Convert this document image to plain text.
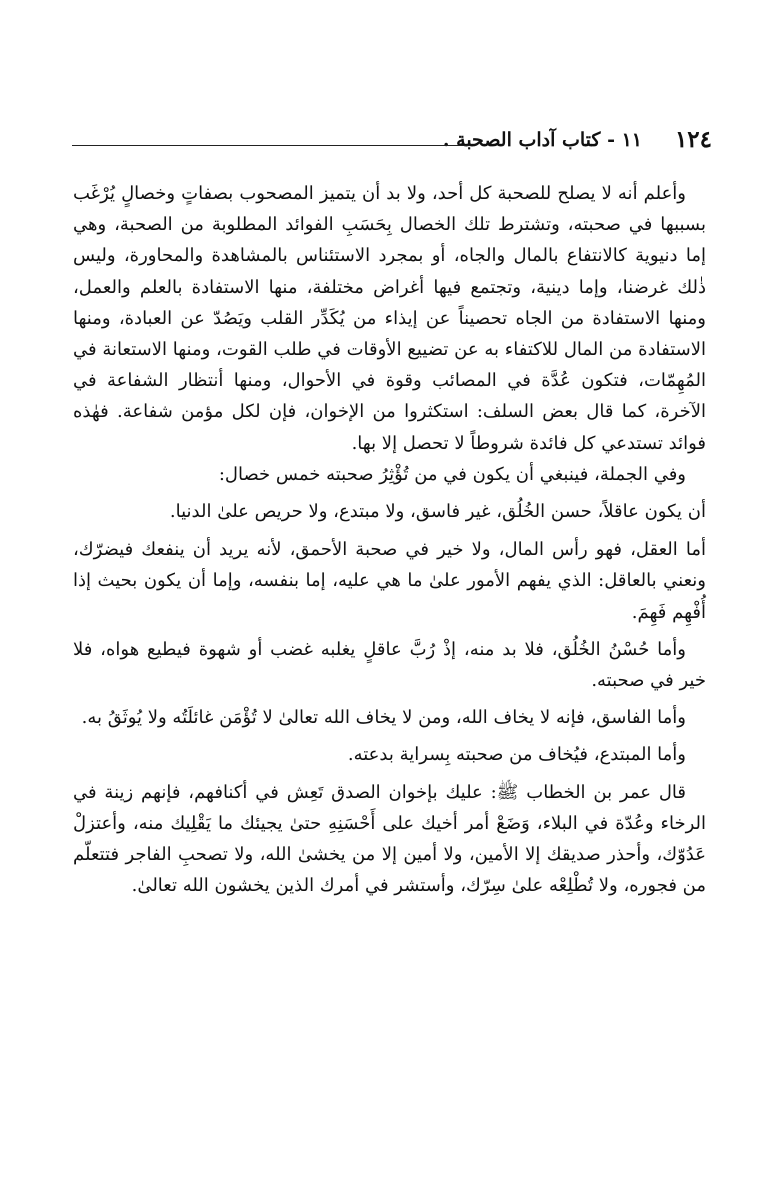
١٢٤
١١ - كتاب آداب الصحبة .

وأعلم أنه لا يصلح للصحبة كل أحد، ولا بد أن يتميز المصحوب بصفاتٍ وخصالٍ يُرْغَب بسببها في صحبته، وتشترط تلك الخصال بِحَسَبِ الفوائد المطلوبة من الصحبة، وهي إما دنيوية كالانتفاع بالمال والجاه، أو بمجرد الاستئناس بالمشاهدة والمحاورة، وليس ذٰلك غرضنا، وإما دينية، وتجتمع فيها أغراض مختلفة، منها الاستفادة بالعلم والعمل، ومنها الاستفادة من الجاه تحصيناً عن إيذاء من يُكَدِّر القلب ويَصُدّ عن العبادة، ومنها الاستفادة من المال للاكتفاء به عن تضييع الأوقات في طلب القوت، ومنها الاستعانة في المُهِمّات، فتكون عُدَّة في المصائب وقوة في الأحوال، ومنها أنتظار الشفاعة في الآخرة، كما قال بعض السلف: استكثروا من الإخوان، فإن لكل مؤمن شفاعة. فهٰذه فوائد تستدعي كل فائدة شروطاً لا تحصل إلا بها.

وفي الجملة، فينبغي أن يكون في من تُؤْثِرُ صحبته خمس خصال:

أن يكون عاقلاً، حسن الخُلُق، غير فاسق، ولا مبتدع، ولا حريص علىٰ الدنيا.

أما العقل، فهو رأس المال، ولا خير في صحبة الأحمق، لأنه يريد أن ينفعك فيضرّك، ونعني بالعاقل: الذي يفهم الأمور علىٰ ما هي عليه، إما بنفسه، وإما أن يكون بحيث إذا أُفْهِم فَهِمَ.

وأما حُسْنُ الخُلُق، فلا بد منه، إذْ رُبَّ عاقلٍ يغلبه غضب أو شهوة فيطيع هواه، فلا خير في صحبته.

وأما الفاسق، فإنه لا يخاف الله، ومن لا يخاف الله تعالىٰ لا تُؤْمَن غائلَتُه ولا يُوثَقُ به.

وأما المبتدع، فيُخاف من صحبته بِسراية بدعته.

قال عمر بن الخطاب ﷺ: عليك بإخوان الصدق تَعِش في أكنافهم، فإنهم زينة في الرخاء وعُدّة في البلاء، وَضَعْ أمر أخيك على أَحْسَنِهِ حتىٰ يجيئك ما يَقْلِيك منه، وأعتزلْ عَدُوّك، وأحذر صديقك إلا الأمين، ولا أمين إلا من يخشىٰ الله، ولا تصحبِ الفاجر فتتعلّم من فجوره، ولا تُطْلِعْه علىٰ سِرّك، وأستشر في أمرك الذين يخشون الله تعالىٰ.
